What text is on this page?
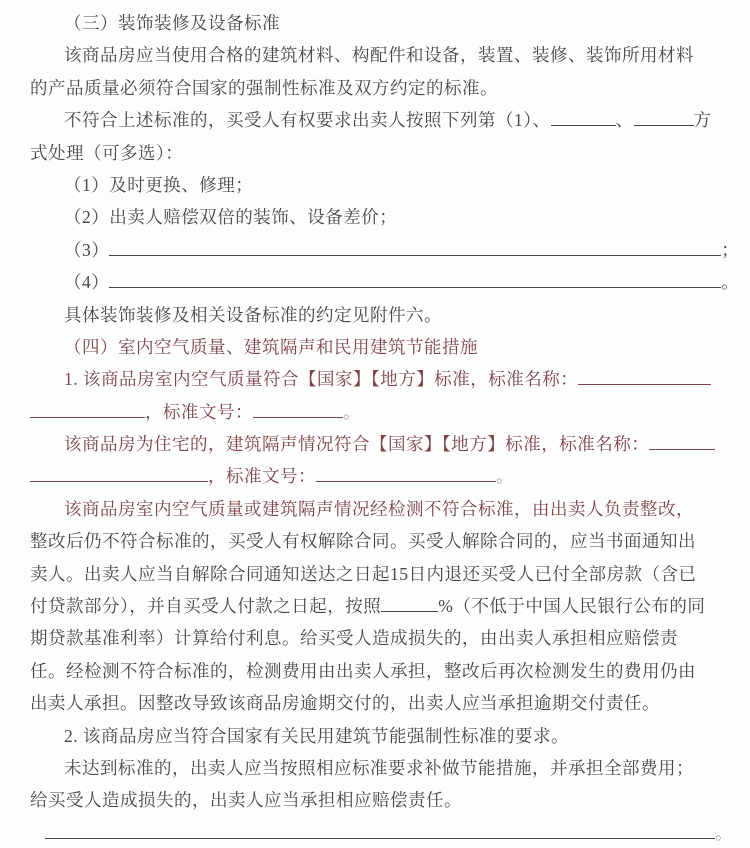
（三）装饰装修及设备标准
该商品房应当使用合格的建筑材料、构配件和设备，装置、装修、装饰所用材料
的产品质量必须符合国家的强制性标准及双方约定的标准。
不符合上述标准的，买受人有权要求出卖人按照下列第（1）、	、	方
式处理（可多选）：
（1）及时更换、修理；
（2）出卖人赔偿双倍的装饰、设备差价；
（3）	；
（4）	。
具体装饰装修及相关设备标准的约定见附件六。
（四）室内空气质量、建筑隔声和民用建筑节能措施
1. 该商品房室内空气质量符合【国家】【地方】标准，标准名称：
，标准文号：	。
该商品房为住宅的，建筑隔声情况符合【国家】【地方】标准，标准名称：
，标准文号：	。
该商品房室内空气质量或建筑隔声情况经检测不符合标准，由出卖人负责整改，
整改后仍不符合标准的，买受人有权解除合同。买受人解除合同的，应当书面通知出
卖人。出卖人应当自解除合同通知送达之日起15日内退还买受人已付全部房款（含已
付贷款部分），并自买受人付款之日起，按照	%（不低于中国人民银行公布的同
期贷款基准利率）计算给付利息。给买受人造成损失的，由出卖人承担相应赔偿责
任。经检测不符合标准的，检测费用由出卖人承担，整改后再次检测发生的费用仍由
出卖人承担。因整改导致该商品房逾期交付的，出卖人应当承担逾期交付责任。
2. 该商品房应当符合国家有关民用建筑节能强制性标准的要求。
未达到标准的，出卖人应当按照相应标准要求补做节能措施，并承担全部费用；
给买受人造成损失的，出卖人应当承担相应赔偿责任。
。
